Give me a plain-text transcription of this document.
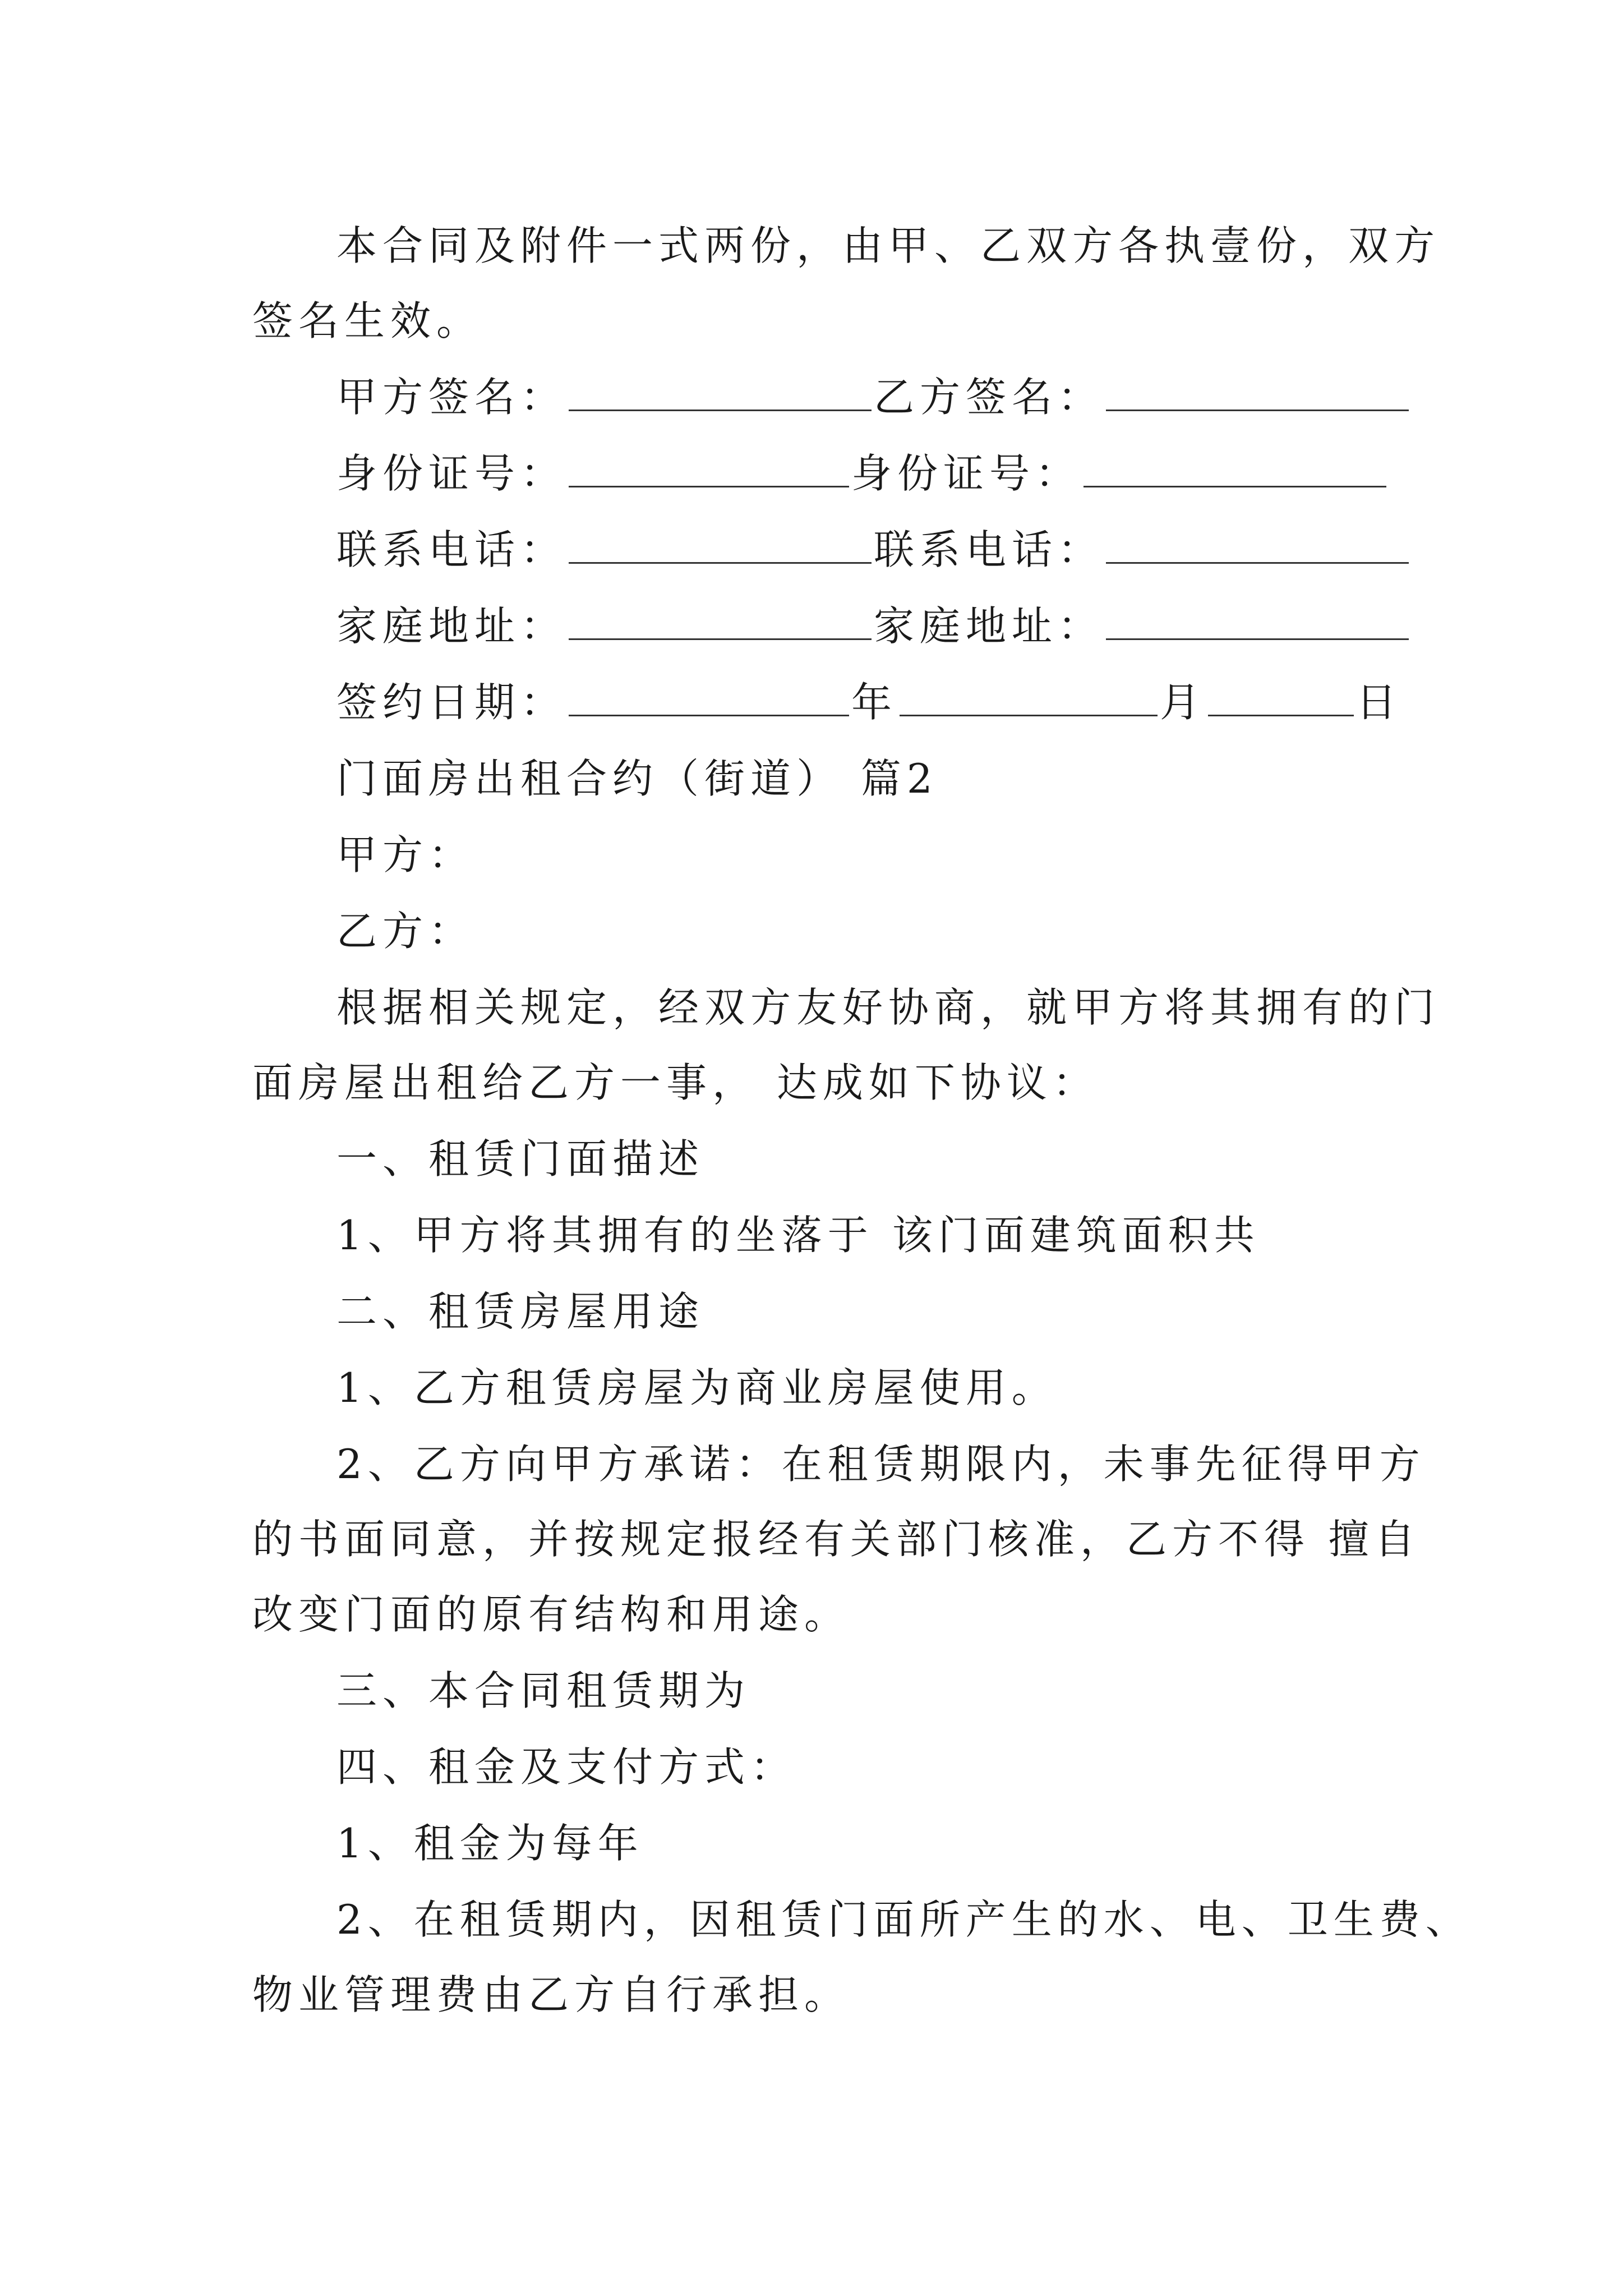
本合同及附件一式两份，由甲、乙双方各执壹份，双方
签名生效。
甲方签名：	乙方签名：
身份证号：	身份证号：
联系电话：	联系电话：
家庭地址：	家庭地址：
签约日期：	年	月	日
门面房出租合约（街道） 篇2
甲方：
乙方：
根据相关规定，经双方友好协商，就甲方将其拥有的门
面房屋出租给乙方一事， 达成如下协议：
一、租赁门面描述
1、甲方将其拥有的坐落于 该门面建筑面积共
二、租赁房屋用途
1、乙方租赁房屋为商业房屋使用。
2、乙方向甲方承诺：在租赁期限内，未事先征得甲方
的书面同意，并按规定报经有关部门核准，乙方不得 擅自
改变门面的原有结构和用途。
三、本合同租赁期为
四、租金及支付方式：
1、租金为每年
2、在租赁期内，因租赁门面所产生的水、电、卫生费、
物业管理费由乙方自行承担。
